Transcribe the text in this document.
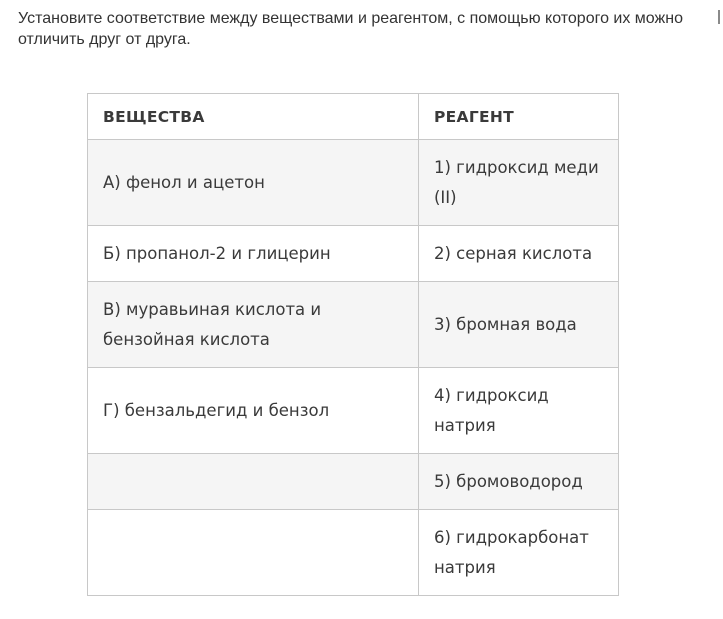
Установите соответствие между веществами и реагентом, с помощью которого их можно отличить друг от друга.
ВЕЩЕСТВА	РЕАГЕНТ
А) фенол и ацетон	1) гидроксид меди (II)
Б) пропанол-2 и глицерин	2) серная кислота
В) муравьиная кислота и бензойная кислота	3) бромная вода
Г) бензальдегид и бензол	4) гидроксид натрия
	5) бромоводород
	6) гидрокарбонат натрия
